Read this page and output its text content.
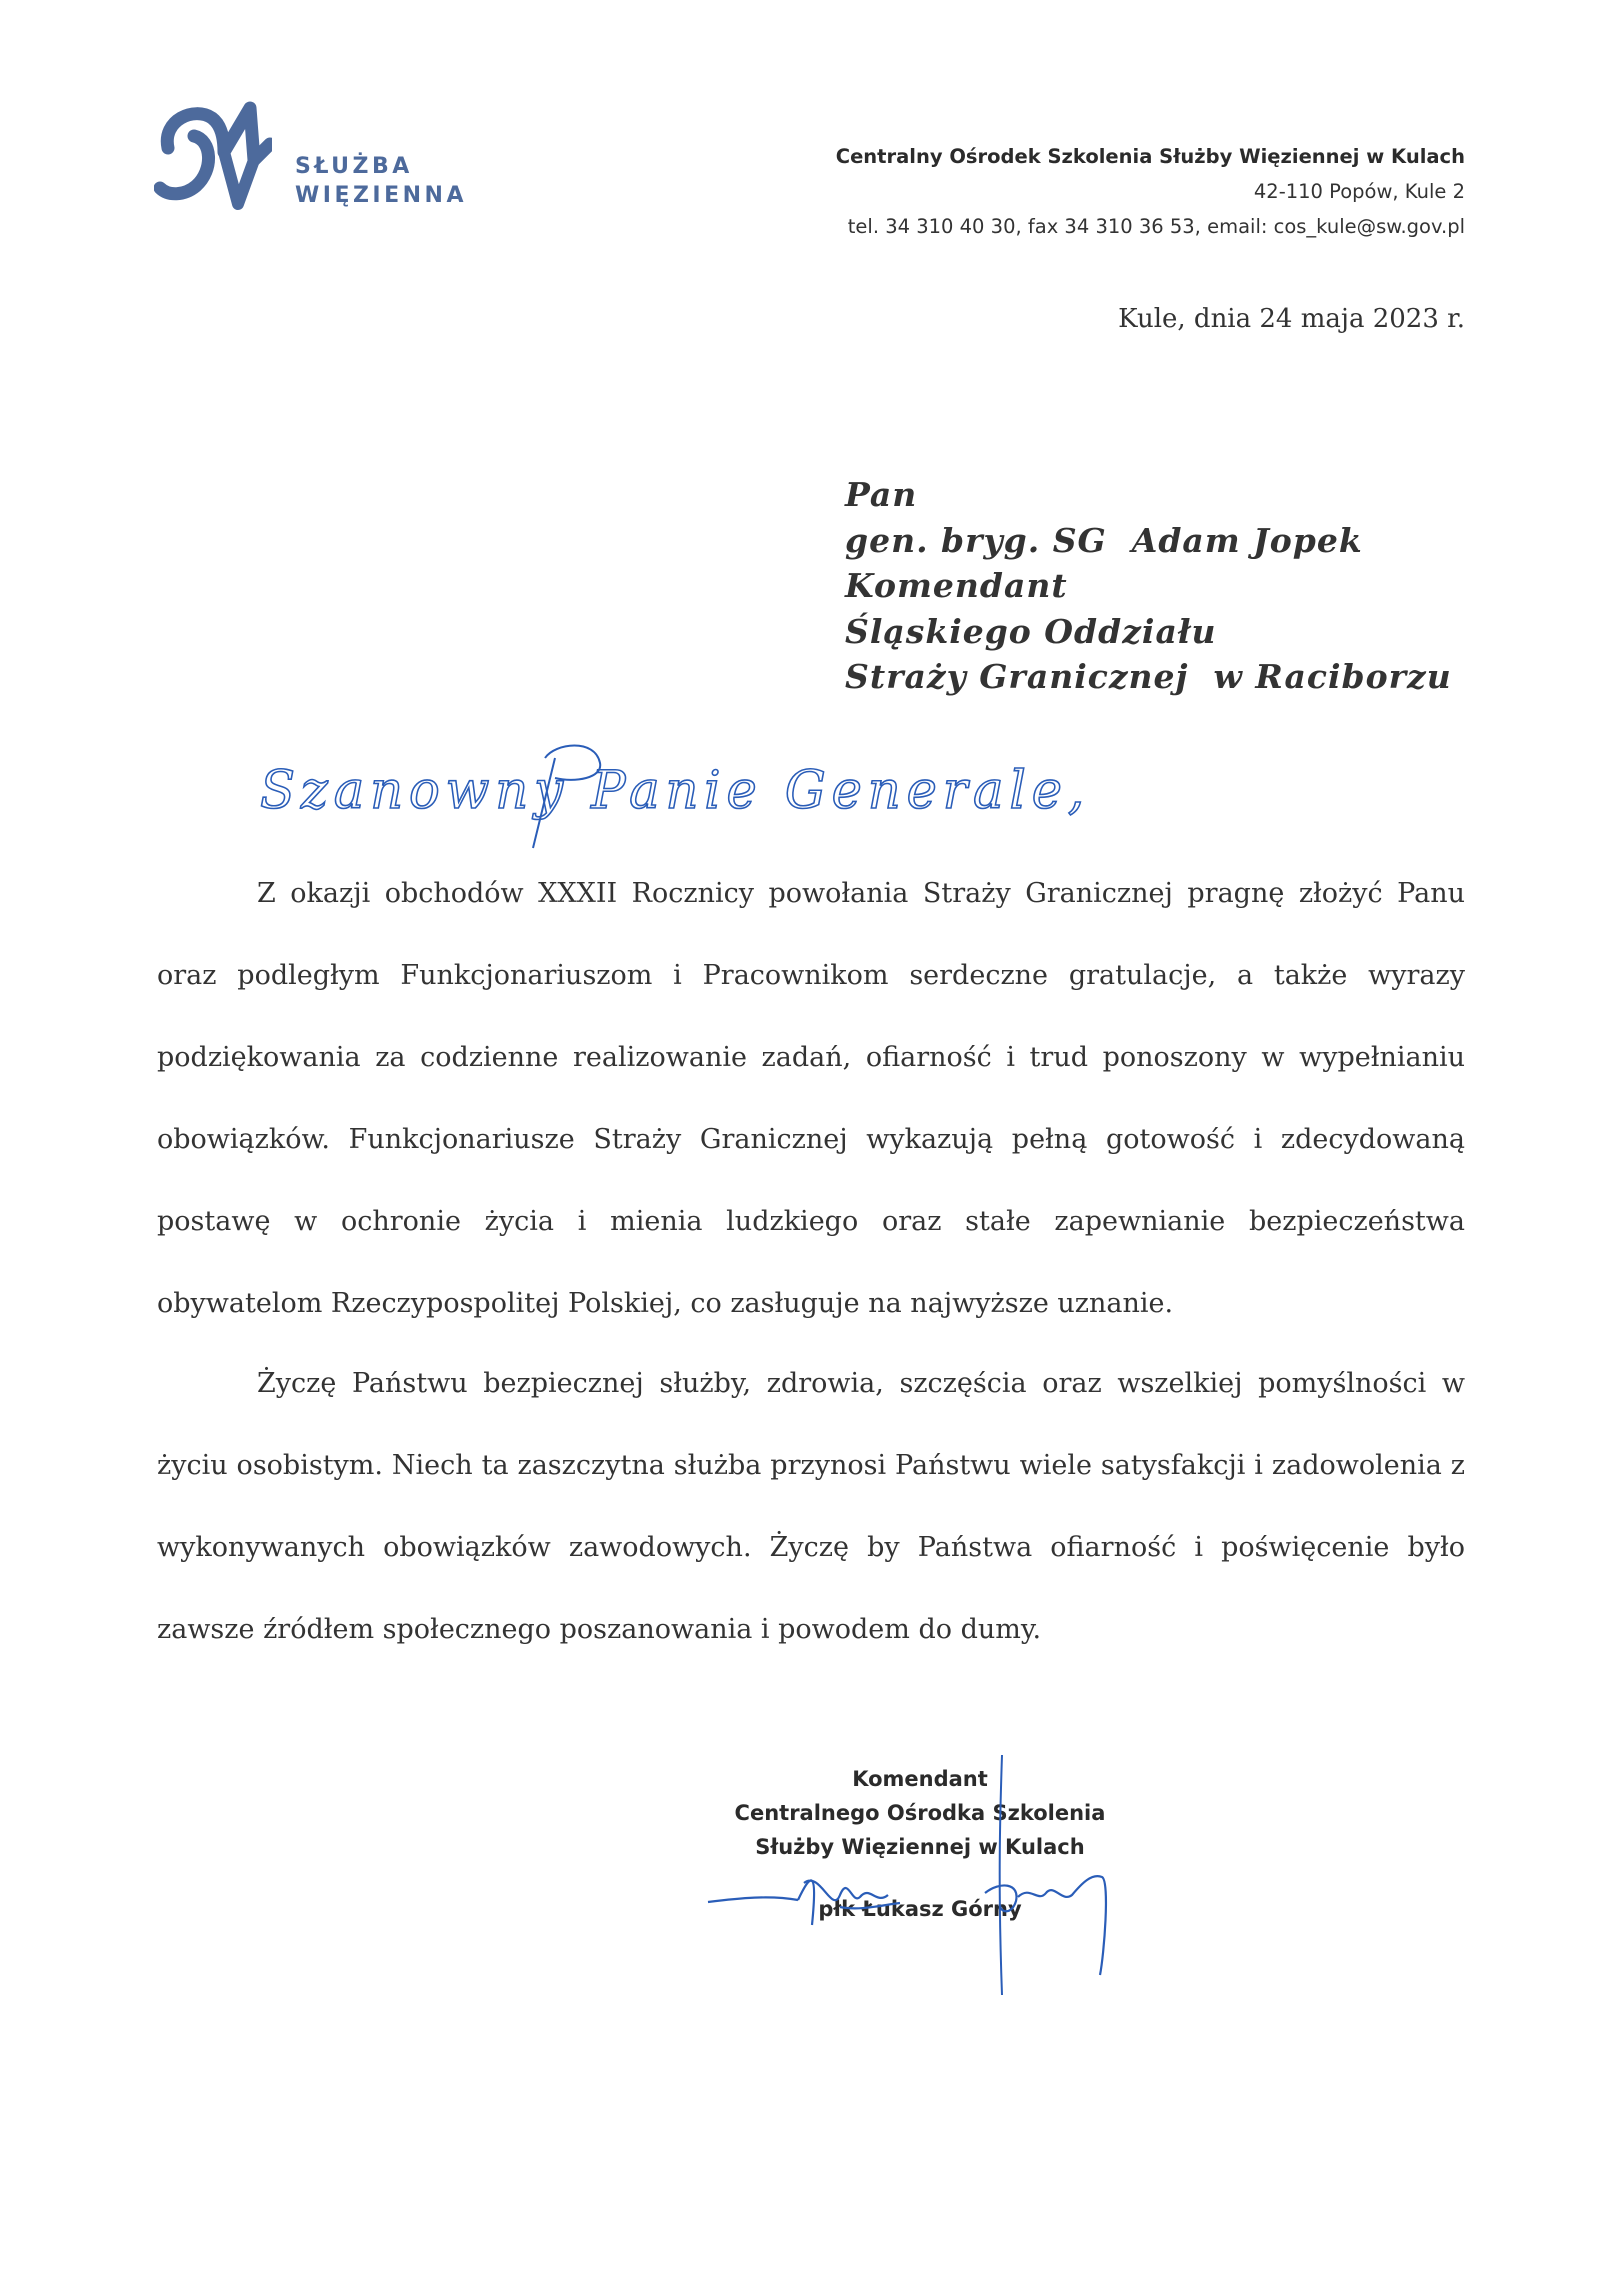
SŁUŻBA
WIĘZIENNA
Centralny Ośrodek Szkolenia Służby Więziennej w Kulach
42-110 Popów, Kule 2
tel. 34 310 40 30, fax 34 310 36 53, email: cos_kule@sw.gov.pl
Kule, dnia 24 maja 2023 r.
Pan
gen. bryg. SG  Adam Jopek
Komendant
Śląskiego Oddziału
Straży Granicznej  w Raciborzu
Szanowny Panie Generale,

Z okazji obchodów XXXII Rocznicy powołania Straży Granicznej pragnę złożyć Panu oraz podległym Funkcjonariuszom i Pracownikom serdeczne gratulacje, a także wyrazy podziękowania za codzienne realizowanie zadań, ofiarność i trud ponoszony w wypełnianiu obowiązków. Funkcjonariusze Straży Granicznej wykazują pełną gotowość i zdecydowaną postawę w ochronie życia i mienia ludzkiego oraz stałe zapewnianie bezpieczeństwa obywatelom Rzeczypospolitej Polskiej, co zasługuje na najwyższe uznanie.

Życzę Państwu bezpiecznej służby, zdrowia, szczęścia oraz wszelkiej pomyślności w życiu osobistym. Niech ta zaszczytna służba przynosi Państwu wiele satysfakcji i zadowolenia z wykonywanych obowiązków zawodowych. Życzę by Państwa ofiarność i poświęcenie było zawsze źródłem społecznego poszanowania i powodem do dumy.

Komendant
Centralnego Ośrodka Szkolenia
Służby Więziennej w Kulach
płk Łukasz Górny
